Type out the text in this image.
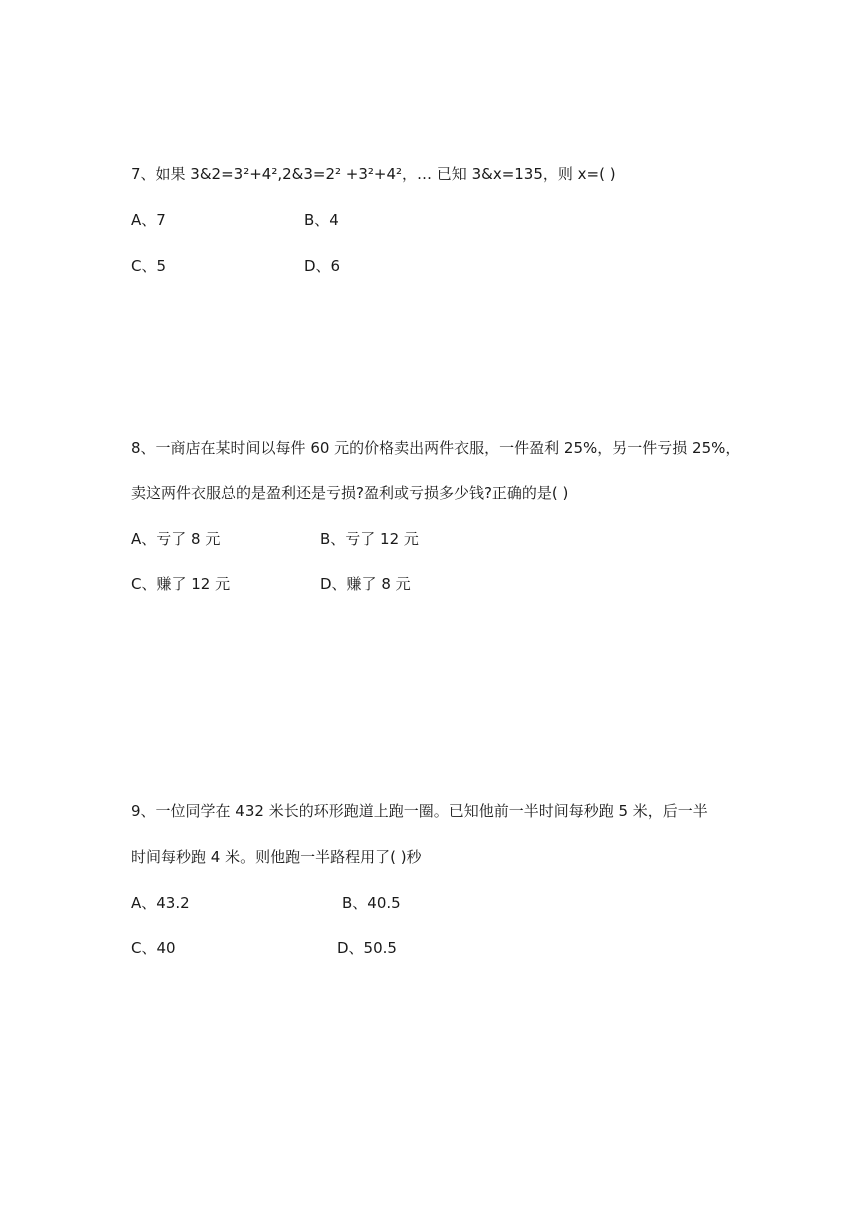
7、如果 3&2=3²+4²,2&3=2² +3²+4²，… 已知 3&x=135，则 x=( )
A、7	B、4
C、5	D、6
8、一商店在某时间以每件 60 元的价格卖出两件衣服，一件盈利 25%，另一件亏损 25%，
卖这两件衣服总的是盈利还是亏损?盈利或亏损多少钱?正确的是( )
A、亏了 8 元	B、亏了 12 元
C、赚了 12 元	D、赚了 8 元
9、一位同学在 432 米长的环形跑道上跑一圈。已知他前一半时间每秒跑 5 米，后一半
时间每秒跑 4 米。则他跑一半路程用了( )秒
A、43.2	B、40.5
C、40	D、50.5
